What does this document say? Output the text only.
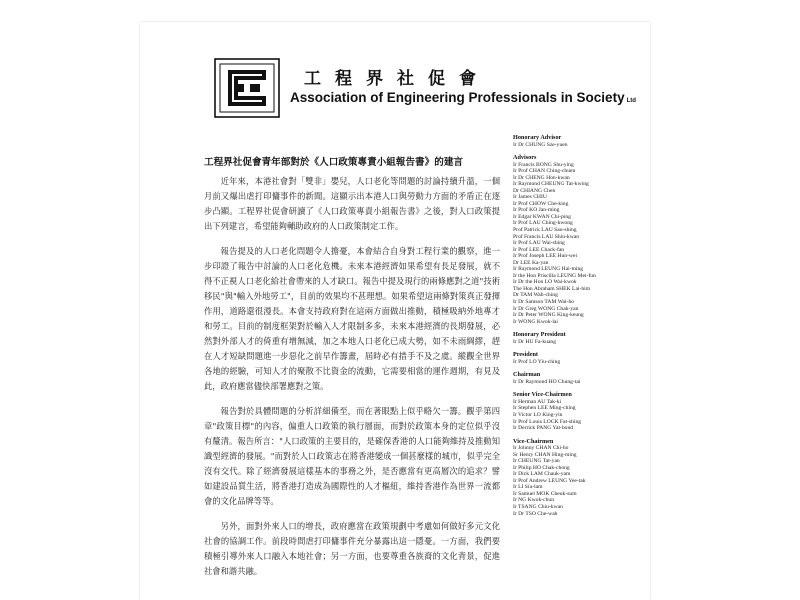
工程界社促會
Association of Engineering Professionals in Society Ltd
工程界社促會青年部對於《人口政策專責小組報告書》的建言

近年來，本港社會對「雙非」嬰兒，人口老化等問題的討論持續升溫，一個月前又爆出虐打印傭事件的新聞。這顯示出本港人口與勞動力方面的矛盾正在逐步凸顯。工程界社促會研讀了《人口政策專責小組報告書》之後，對人口政策提出下列建言，希望能夠輔助政府的人口政策制定工作。

報告提及的人口老化問題令人擔憂，本會結合自身對工程行業的觀察，進一步印證了報告中討論的人口老化危機。未來本港經濟如果希望有長足發展，就不得不正視人口老化給社會帶來的人才缺口。報告中提及現行的兩條應對之道"技術移民"與"輸入外地勞工"，目前的效果均不甚理想。如果希望這兩條對策真正發揮作用，道路還很漫長。本會支持政府對在這兩方面做出推動，積極吸納外地專才和勞工。目前的制度框架對於輸入人才限制多多，未來本港經濟的長期發展，必然對外部人才的倚重有增無減，加之本地人口老化已成大勢，如不未雨綢繆，趕在人才短缺問題進一步惡化之前早作籌畫，屆時必有措手不及之虞。縱觀全世界各地的經驗，可知人才的聚散不比資金的流動，它需要相當的運作週期，有見及此，政府應當儘快部署應對之策。

報告對於具體問題的分析詳細備至，而在著眼點上似乎略欠一籌。觀乎第四章"政策目標"的內容，偏重人口政策的執行層面，而對於政策本身的定位似乎沒有釐清。報告所言："人口政策的主要目的，是確保香港的人口能夠維持及推動知識型經濟的發展。"而對於人口政策志在將香港變成一個甚麼樣的城市，似乎完全沒有交代。除了經濟發展這樣基本的事務之外，是否應當有更高層次的追求？譬如建設品質生活，將香港打造成為國際性的人才樞紐，維持香港作為世界一流都會的文化品牌等等。

另外，面對外來人口的增長，政府應當在政策規劃中考慮如何做好多元文化社會的協調工作。前段時間虐打印傭事件充分暴露出這一隱憂。一方面，我們要積極引導外來人口融入本地社會；另一方面，也要尊重各族裔的文化背景，促進社會和諧共融。

Honorary Advisor
Ir Dr CHUNG Sze-yuen
Advisors
Ir Francis BONG Shu-ying
Ir Prof CHAN Ching-chuen
Ir Dr CHENG Hon-kwan
Ir Raymond CHEUNG Tat-kwing
Dr CHIANG Chen
Ir James CHIU
Ir Prof CHOW Che-king
Ir Prof KO Jan-ming
Ir Edgar KWAN Chi-ping
Ir Prof LAU Ching-kwong
Prof Patrick LAU Sau-shing
Prof Francis LAU Shiu-kwan
Ir Prof LAU Wai-shing
Ir Prof LEE Chack-fan
Ir Prof Joseph LEE Hun-wei
Dr LEE Ka-yan
Ir Raymond LEUNG Hai-ming
Ir the Hon Priscilla LEUNG Mei-fun
Ir Dr the Hon LO Wai-kwok
The Hon Abraham SHEK Lai-him
Dr TAM Wah-ching
Ir Dr Samson TAM Wai-ho
Ir Dr Greg WONG Chak-yan
Ir Dr Peter WONG King-keung
Ir WONG Kwok-lai
Honorary President
Ir Dr HU Fa-kuang
President
Ir Prof LO Yiu-ching
Chairman
Ir Dr Raymond HO Chung-tai
Senior Vice-Chairmen
Ir Herman AU Tak-ki
Ir Stephen LEE Ming-ching
Ir Victor LO King-yin
Ir Prof Louis LOCK Fat-shing
Ir Derrick PANG Yat-bond
Vice-Chairmen
Ir Johnny CHAN Chi-ho
Sr Henry CHAN Hing-ming
Ir CHEUNG Tat-yan
Ir Philip HO Chak-chong
Ir Dick LAM Chauk-yam
Ir Prof Andrew LEUNG Yee-tak
Ir LI Siu-lam
Ir Samuel MOK Cheuk-sum
Ir NG Kwok-chun
Ir TSANG Chiu-kwan
Ir Dr TSO Che-wah
